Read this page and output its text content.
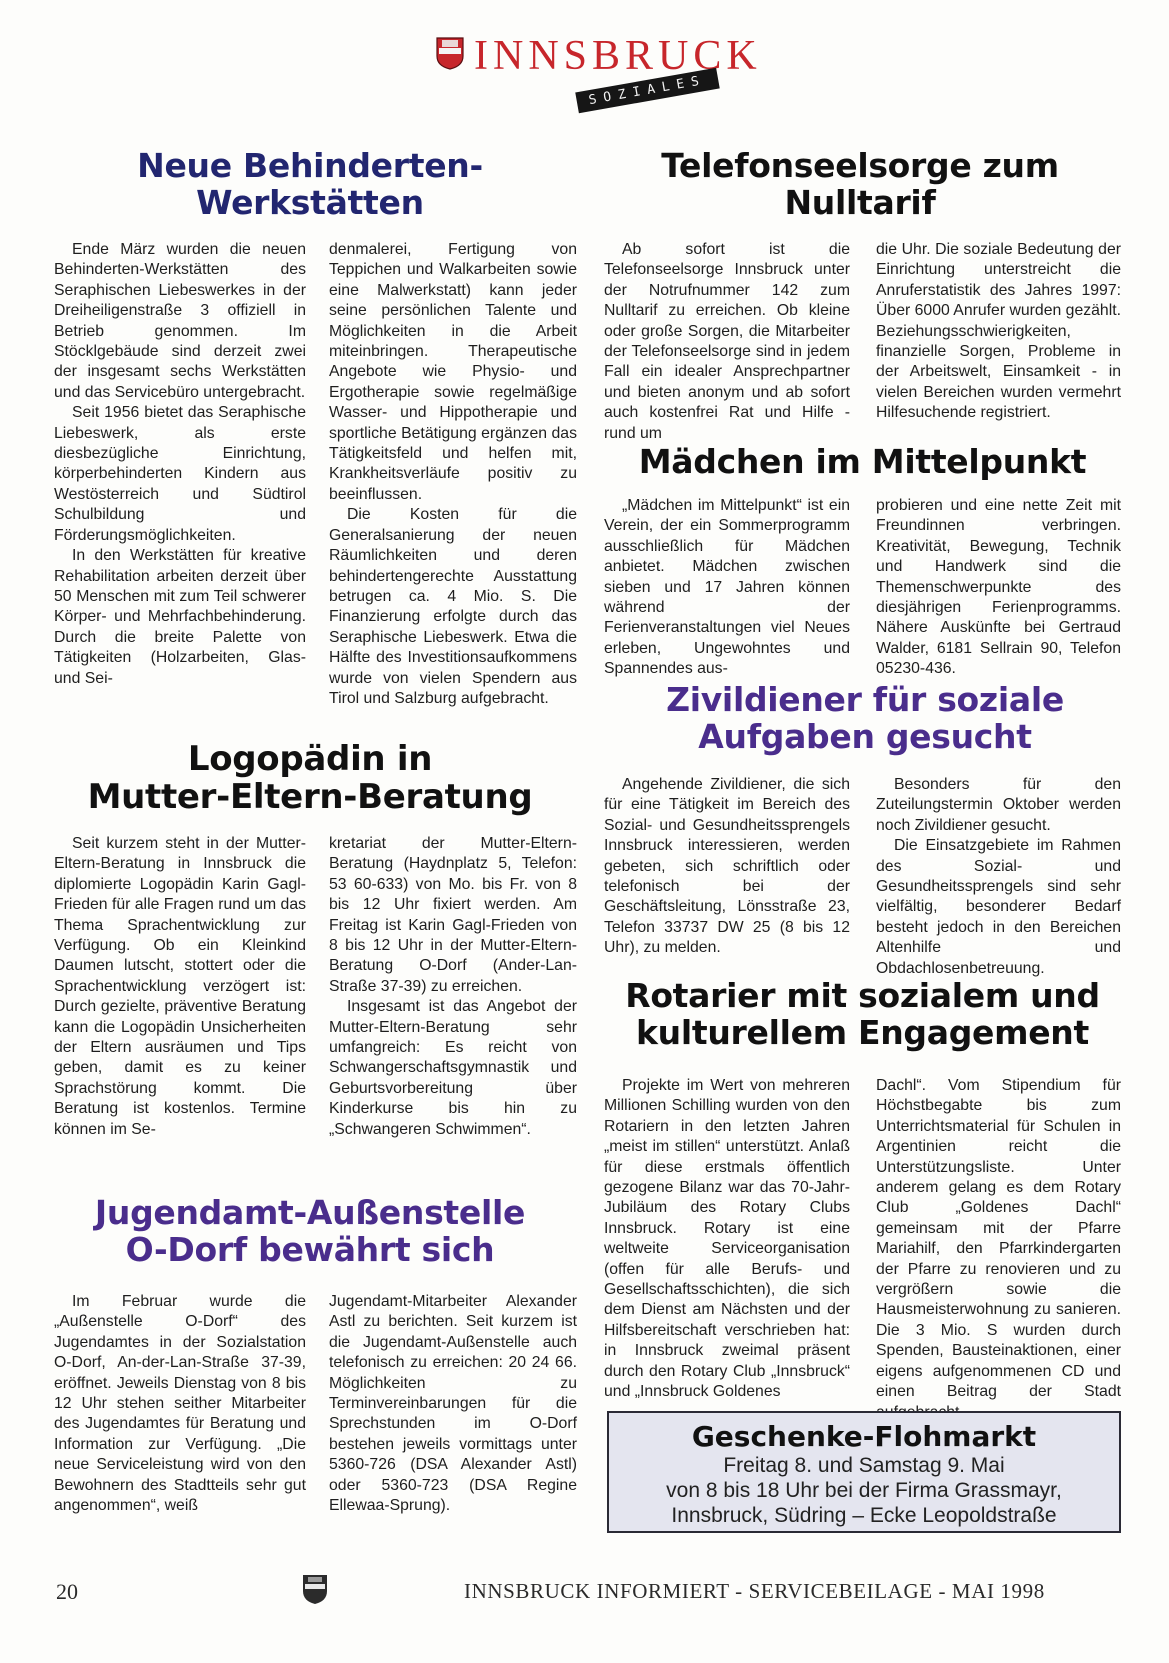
INNSBRUCK
SOZIALES
Neue Behinderten-
Werkstätten

Ende März wurden die neuen Behinderten-Werkstätten des Seraphischen Liebeswerkes in der Dreiheiligenstraße 3 offiziell in Betrieb genommen. Im Stöcklgebäude sind derzeit zwei der insgesamt sechs Werkstätten und das Servicebüro untergebracht.

Seit 1956 bietet das Seraphische Liebeswerk, als erste diesbezügliche Einrichtung, körperbehinderten Kindern aus Westösterreich und Südtirol Schulbildung und Förderungsmöglichkeiten.

In den Werkstätten für kreative Rehabilitation arbeiten derzeit über 50 Menschen mit zum Teil schwerer Körper- und Mehrfachbehinderung. Durch die breite Palette von Tätigkeiten (Holzarbeiten, Glas- und Sei-

denmalerei, Fertigung von Teppichen und Walkarbeiten sowie eine Malwerkstatt) kann jeder seine persönlichen Talente und Möglichkeiten in die Arbeit miteinbringen. Therapeutische Angebote wie Physio- und Ergotherapie sowie regelmäßige Wasser- und Hippotherapie und sportliche Betätigung ergänzen das Tätigkeitsfeld und helfen mit, Krankheitsverläufe positiv zu beeinflussen.

Die Kosten für die Generalsanierung der neuen Räumlichkeiten und deren behindertengerechte Ausstattung betrugen ca. 4 Mio. S. Die Finanzierung erfolgte durch das Seraphische Liebeswerk. Etwa die Hälfte des Investitionsaufkommens wurde von vielen Spendern aus Tirol und Salzburg aufgebracht.

Logopädin in
Mutter-Eltern-Beratung

Seit kurzem steht in der Mutter-Eltern-Beratung in Innsbruck die diplomierte Logopädin Karin Gagl-Frieden für alle Fragen rund um das Thema Sprachentwicklung zur Verfügung. Ob ein Kleinkind Daumen lutscht, stottert oder die Sprachentwicklung verzögert ist: Durch gezielte, präventive Beratung kann die Logopädin Unsicherheiten der Eltern ausräumen und Tips geben, damit es zu keiner Sprachstörung kommt. Die Beratung ist kostenlos. Termine können im Se-

kretariat der Mutter-Eltern-Beratung (Haydnplatz 5, Telefon: 53 60-633) von Mo. bis Fr. von 8 bis 12 Uhr fixiert werden. Am Freitag ist Karin Gagl-Frieden von 8 bis 12 Uhr in der Mutter-Eltern-Beratung O-Dorf (Ander-Lan-Straße 37-39) zu erreichen.

Insgesamt ist das Angebot der Mutter-Eltern-Beratung sehr umfangreich: Es reicht von Schwangerschaftsgymnastik und Geburtsvorbereitung über Kinderkurse bis hin zu „Schwangeren Schwimmen“.

Jugendamt-Außenstelle
O-Dorf bewährt sich

Im Februar wurde die „Außenstelle O-Dorf“ des Jugendamtes in der Sozialstation O-Dorf, An-der-Lan-Straße 37-39, eröffnet. Jeweils Dienstag von 8 bis 12 Uhr stehen seither Mitarbeiter des Jugendamtes für Beratung und Information zur Verfügung. „Die neue Serviceleistung wird von den Bewohnern des Stadtteils sehr gut angenommen“, weiß

Jugendamt-Mitarbeiter Alexander Astl zu berichten. Seit kurzem ist die Jugendamt-Außenstelle auch telefonisch zu erreichen: 20 24 66. Möglichkeiten zu Terminvereinbarungen für die Sprechstunden im O-Dorf bestehen jeweils vormittags unter 5360-726 (DSA Alexander Astl) oder 5360-723 (DSA Regine Ellewaa-Sprung).

Telefonseelsorge zum
Nulltarif

Ab sofort ist die Telefonseelsorge Innsbruck unter der Notrufnummer 142 zum Nulltarif zu erreichen. Ob kleine oder große Sorgen, die Mitarbeiter der Telefonseelsorge sind in jedem Fall ein idealer Ansprechpartner und bieten anonym und ab sofort auch kostenfrei Rat und Hilfe - rund um

die Uhr. Die soziale Bedeutung der Einrichtung unterstreicht die Anruferstatistik des Jahres 1997: Über 6000 Anrufer wurden gezählt. Beziehungsschwierigkeiten, finanzielle Sorgen, Probleme in der Arbeitswelt, Einsamkeit - in vielen Bereichen wurden vermehrt Hilfesuchende registriert.

Mädchen im Mittelpunkt

„Mädchen im Mittelpunkt“ ist ein Verein, der ein Sommerprogramm ausschließlich für Mädchen anbietet. Mädchen zwischen sieben und 17 Jahren können während der Ferienveranstaltungen viel Neues erleben, Ungewohntes und Spannendes aus-

probieren und eine nette Zeit mit Freundinnen verbringen. Kreativität, Bewegung, Technik und Handwerk sind die Themenschwerpunkte des diesjährigen Ferienprogramms. Nähere Auskünfte bei Gertraud Walder, 6181 Sellrain 90, Telefon 05230-436.

Zivildiener für soziale
Aufgaben gesucht

Angehende Zivildiener, die sich für eine Tätigkeit im Bereich des Sozial- und Gesundheitssprengels Innsbruck interessieren, werden gebeten, sich schriftlich oder telefonisch bei der Geschäftsleitung, Lönsstraße 23, Telefon 33737 DW 25 (8 bis 12 Uhr), zu melden.

Besonders für den Zuteilungstermin Oktober werden noch Zivildiener gesucht.

Die Einsatzgebiete im Rahmen des Sozial- und Gesundheitssprengels sind sehr vielfältig, besonderer Bedarf besteht jedoch in den Bereichen Altenhilfe und Obdachlosenbetreuung.

Rotarier mit sozialem und
kulturellem Engagement

Projekte im Wert von mehreren Millionen Schilling wurden von den Rotariern in den letzten Jahren „meist im stillen“ unterstützt. Anlaß für diese erstmals öffentlich gezogene Bilanz war das 70-Jahr-Jubiläum des Rotary Clubs Innsbruck. Rotary ist eine weltweite Serviceorganisation (offen für alle Berufs- und Gesellschaftsschichten), die sich dem Dienst am Nächsten und der Hilfsbereitschaft verschrieben hat: in Innsbruck zweimal präsent durch den Rotary Club „Innsbruck“ und „Innsbruck Goldenes

Dachl“. Vom Stipendium für Höchstbegabte bis zum Unterrichtsmaterial für Schulen in Argentinien reicht die Unterstützungsliste. Unter anderem gelang es dem Rotary Club „Goldenes Dachl“ gemeinsam mit der Pfarre Mariahilf, den Pfarrkindergarten der Pfarre zu renovieren und zu vergrößern sowie die Hausmeisterwohnung zu sanieren. Die 3 Mio. S wurden durch Spenden, Bausteinaktionen, einer eigens aufgenommenen CD und einen Beitrag der Stadt

Geschenke-Flohmarkt
Freitag 8. und Samstag 9. Mai
von 8 bis 18 Uhr bei der Firma Grassmayr,
Innsbruck, Südring – Ecke Leopoldstraße
20	INNSBRUCK INFORMIERT - SERVICEBEILAGE - MAI 1998
